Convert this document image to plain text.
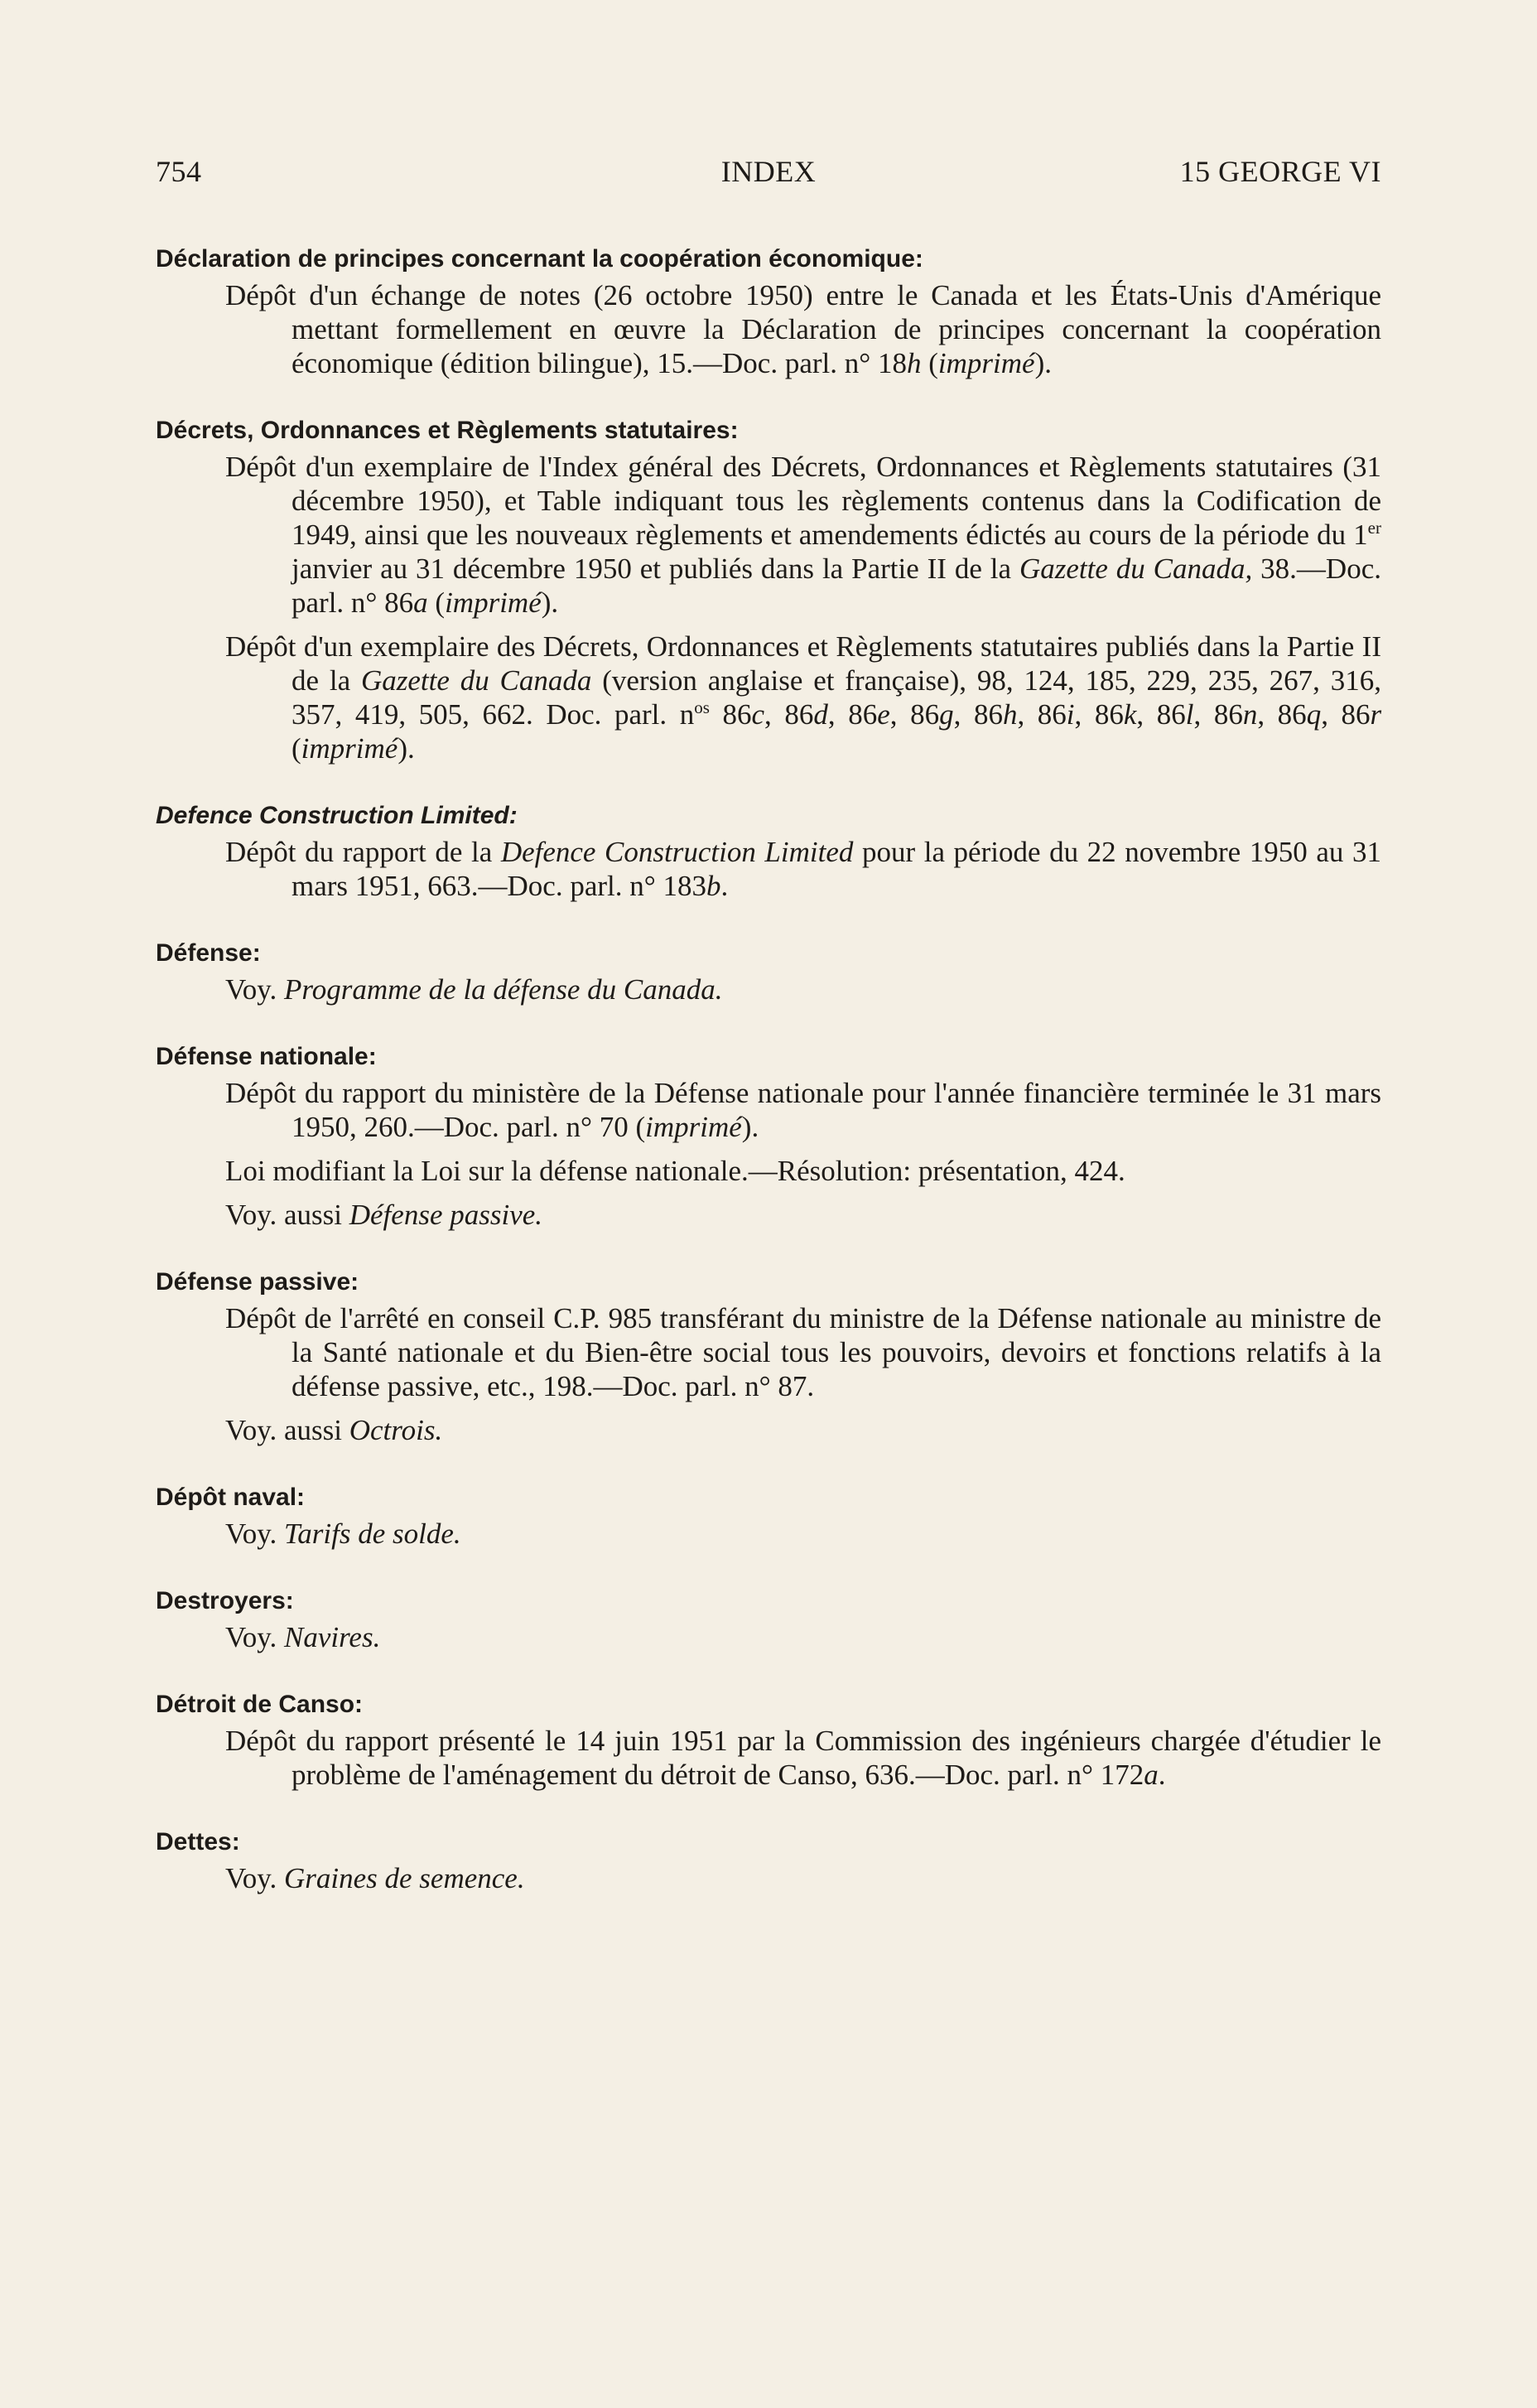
754	INDEX	15 GEORGE VI
Déclaration de principes concernant la coopération économique:

Dépôt d'un échange de notes (26 octobre 1950) entre le Canada et les États-Unis d'Amérique mettant formellement en œuvre la Déclaration de principes concernant la coopération économique (édition bilingue), 15.—Doc. parl. n° 18h (imprimé).

Décrets, Ordonnances et Règlements statutaires:

Dépôt d'un exemplaire de l'Index général des Décrets, Ordonnances et Règlements statutaires (31 décembre 1950), et Table indiquant tous les règlements contenus dans la Codification de 1949, ainsi que les nouveaux règlements et amendements édictés au cours de la période du 1er janvier au 31 décembre 1950 et publiés dans la Partie II de la Gazette du Canada, 38.—Doc. parl. n° 86a (imprimé).

Dépôt d'un exemplaire des Décrets, Ordonnances et Règlements statutaires publiés dans la Partie II de la Gazette du Canada (version anglaise et française), 98, 124, 185, 229, 235, 267, 316, 357, 419, 505, 662. Doc. parl. $n^{os}$ 86c, 86d, 86e, 86g, 86h, 86i, 86k, 86l, 86n, 86q, 86r (imprimé).

Defence Construction Limited:

Dépôt du rapport de la Defence Construction Limited pour la période du 22 novembre 1950 au 31 mars 1951, 663.—Doc. parl. n° 183b.

Défense:

Voy. Programme de la défense du Canada.

Défense nationale:

Dépôt du rapport du ministère de la Défense nationale pour l'année financière terminée le 31 mars 1950, 260.—Doc. parl. n° 70 (imprimé).

Loi modifiant la Loi sur la défense nationale.—Résolution: présentation, 424.

Voy. aussi Défense passive.

Défense passive:

Dépôt de l'arrêté en conseil C.P. 985 transférant du ministre de la Défense nationale au ministre de la Santé nationale et du Bien-être social tous les pouvoirs, devoirs et fonctions relatifs à la défense passive, etc., 198.—Doc. parl. n° 87.

Voy. aussi Octrois.

Dépôt naval:

Voy. Tarifs de solde.

Destroyers:

Voy. Navires.

Détroit de Canso:

Dépôt du rapport présenté le 14 juin 1951 par la Commission des ingénieurs chargée d'étudier le problème de l'aménagement du détroit de Canso, 636.—Doc. parl. n° 172a.

Dettes:

Voy. Graines de semence.
